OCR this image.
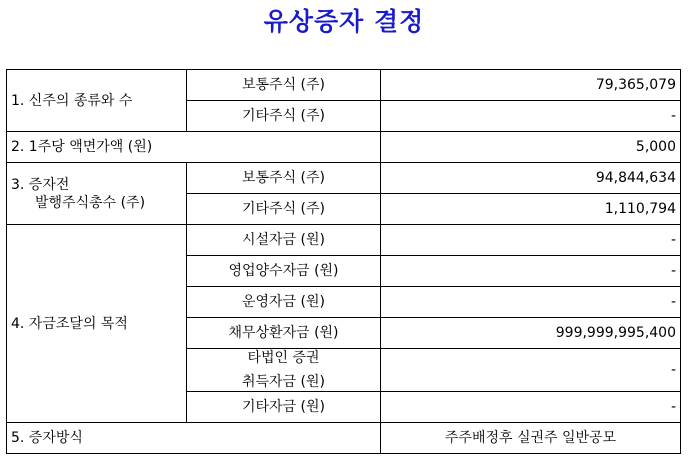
유상증자 결정
1. 신주의 종류와 수	보통주식 (주)	79,365,079
	기타주식 (주)	-
2. 1주당 액면가액 (원)		5,000

3. 증자전
발행주식총수 (주)	보통주식 (주)	94,844,634
	기타주식 (주)	1,110,794
4. 자금조달의 목적	시설자금 (원)	-
	영업양수자금 (원)	-
	운영자금 (원)	-
	채무상환자금 (원)	999,999,995,400

	타법인 증권
취득자금 (원)	-
	기타자금 (원)	-
5. 증자방식		주주배정후 실권주 일반공모
